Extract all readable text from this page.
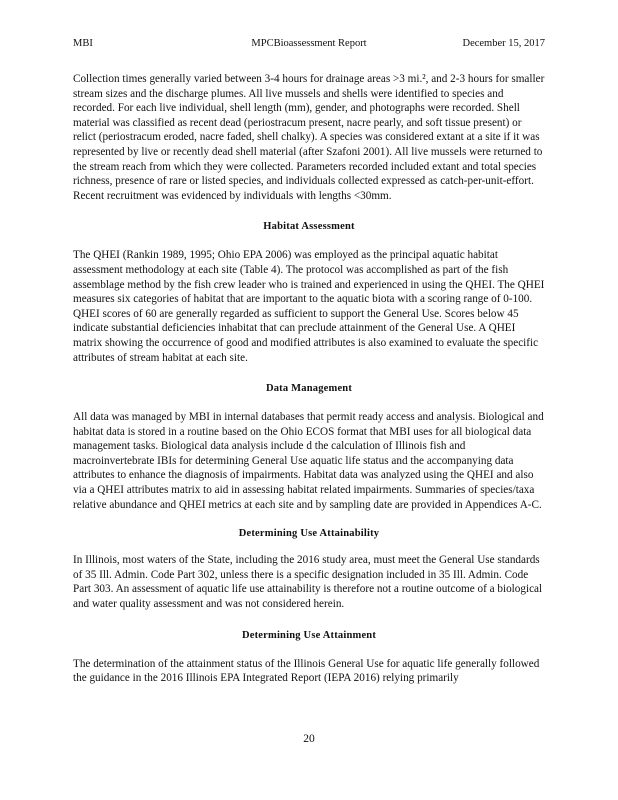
MBI	MPCBioassessment Report	December 15, 2017

Collection times generally varied between 3-4 hours for drainage areas >3 mi.², and 2-3 hours for smaller stream sizes and the discharge plumes. All live mussels and shells were identified to species and recorded. For each live individual, shell length (mm), gender, and photographs were recorded. Shell material was classified as recent dead (periostracum present, nacre pearly, and soft tissue present) or relict (periostracum eroded, nacre faded, shell chalky). A species was considered extant at a site if it was represented by live or recently dead shell material (after Szafoni 2001). All live mussels were returned to the stream reach from which they were collected. Parameters recorded included extant and total species richness, presence of rare or listed species, and individuals collected expressed as catch-per-unit-effort. Recent recruitment was evidenced by individuals with lengths <30mm.

Habitat Assessment

The QHEI (Rankin 1989, 1995; Ohio EPA 2006) was employed as the principal aquatic habitat assessment methodology at each site (Table 4). The protocol was accomplished as part of the fish assemblage method by the fish crew leader who is trained and experienced in using the QHEI. The QHEI measures six categories of habitat that are important to the aquatic biota with a scoring range of 0-100. QHEI scores of 60 are generally regarded as sufficient to support the General Use. Scores below 45 indicate substantial deficiencies inhabitat that can preclude attainment of the General Use. A QHEI matrix showing the occurrence of good and modified attributes is also examined to evaluate the specific attributes of stream habitat at each site.

Data Management

All data was managed by MBI in internal databases that permit ready access and analysis. Biological and habitat data is stored in a routine based on the Ohio ECOS format that MBI uses for all biological data management tasks. Biological data analysis include d the calculation of Illinois fish and macroinvertebrate IBIs for determining General Use aquatic life status and the accompanying data attributes to enhance the diagnosis of impairments. Habitat data was analyzed using the QHEI and also via a QHEI attributes matrix to aid in assessing habitat related impairments. Summaries of species/taxa relative abundance and QHEI metrics at each site and by sampling date are provided in Appendices A-C.

Determining Use Attainability

In Illinois, most waters of the State, including the 2016 study area, must meet the General Use standards of 35 Ill. Admin. Code Part 302, unless there is a specific designation included in 35 Ill. Admin. Code Part 303. An assessment of aquatic life use attainability is therefore not a routine outcome of a biological and water quality assessment and was not considered herein.

Determining Use Attainment

The determination of the attainment status of the Illinois General Use for aquatic life generally followed the guidance in the 2016 Illinois EPA Integrated Report (IEPA 2016) relying primarily

20
